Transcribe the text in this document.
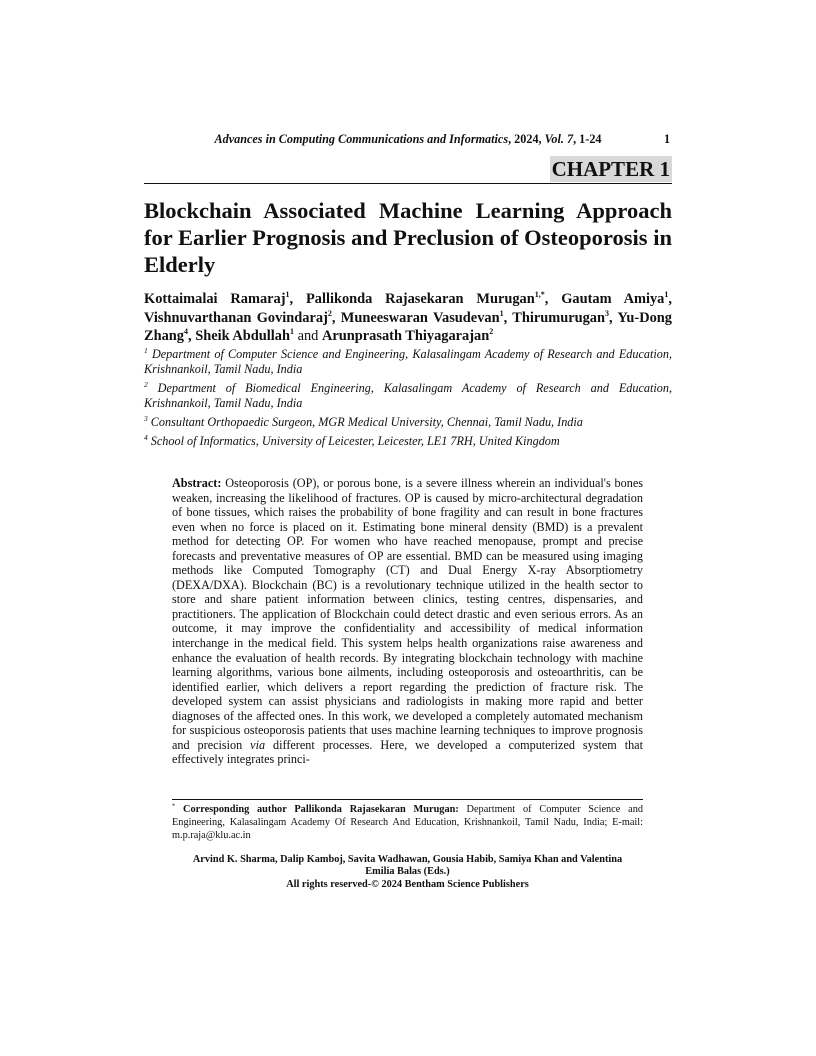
Advances in Computing Communications and Informatics, 2024, Vol. 7, 1-24	1
CHAPTER 1
Blockchain Associated Machine Learning Approach for Earlier Prognosis and Preclusion of Osteoporosis in Elderly

Kottaimalai Ramaraj$^1$, Pallikonda Rajasekaran Murugan$^{1,*}$, Gautam Amiya$^1$, Vishnuvarthanan Govindaraj$^2$, Muneeswaran Vasudevan$^1$, Thirumurugan$^3$, Yu-Dong Zhang$^4$, Sheik Abdullah$^1$ and Arunprasath Thiyagarajan$^2$

$^1$ Department of Computer Science and Engineering, Kalasalingam Academy of Research and Education, Krishnankoil, Tamil Nadu, India

$^2$ Department of Biomedical Engineering, Kalasalingam Academy of Research and Education, Krishnankoil, Tamil Nadu, India

$^3$ Consultant Orthopaedic Surgeon, MGR Medical University, Chennai, Tamil Nadu, India

$^4$ School of Informatics, University of Leicester, Leicester, LE1 7RH, United Kingdom

Abstract: Osteoporosis (OP), or porous bone, is a severe illness wherein an individual's bones weaken, increasing the likelihood of fractures. OP is caused by micro-architectural degradation of bone tissues, which raises the probability of bone fragility and can result in bone fractures even when no force is placed on it. Estimating bone mineral density (BMD) is a prevalent method for detecting OP. For women who have reached menopause, prompt and precise forecasts and preventative measures of OP are essential. BMD can be measured using imaging methods like Computed Tomography (CT) and Dual Energy X-ray Absorptiometry (DEXA/DXA). Blockchain (BC) is a revolutionary technique utilized in the health sector to store and share patient information between clinics, testing centres, dispensaries, and practitioners. The application of Blockchain could detect drastic and even serious errors. As an outcome, it may improve the confidentiality and accessibility of medical information interchange in the medical field. This system helps health organizations raise awareness and enhance the evaluation of health records. By integrating blockchain technology with machine learning algorithms, various bone ailments, including osteoporosis and osteoarthritis, can be identified earlier, which delivers a report regarding the prediction of fracture risk. The developed system can assist physicians and radiologists in making more rapid and better diagnoses of the affected ones. In this work, we developed a completely automated mechanism for suspicious osteoporosis patients that uses machine learning techniques to improve prognosis and precision via different processes. Here, we developed a computerized system that effectively integrates princi-

* Corresponding author Pallikonda Rajasekaran Murugan: Department of Computer Science and Engineering, Kalasalingam Academy Of Research And Education, Krishnankoil, Tamil Nadu, India; E-mail: m.p.raja@klu.ac.in

Arvind K. Sharma, Dalip Kamboj, Savita Wadhawan, Gousia Habib, Samiya Khan and Valentina
Emilia Balas (Eds.)
All rights reserved-© 2024 Bentham Science Publishers
